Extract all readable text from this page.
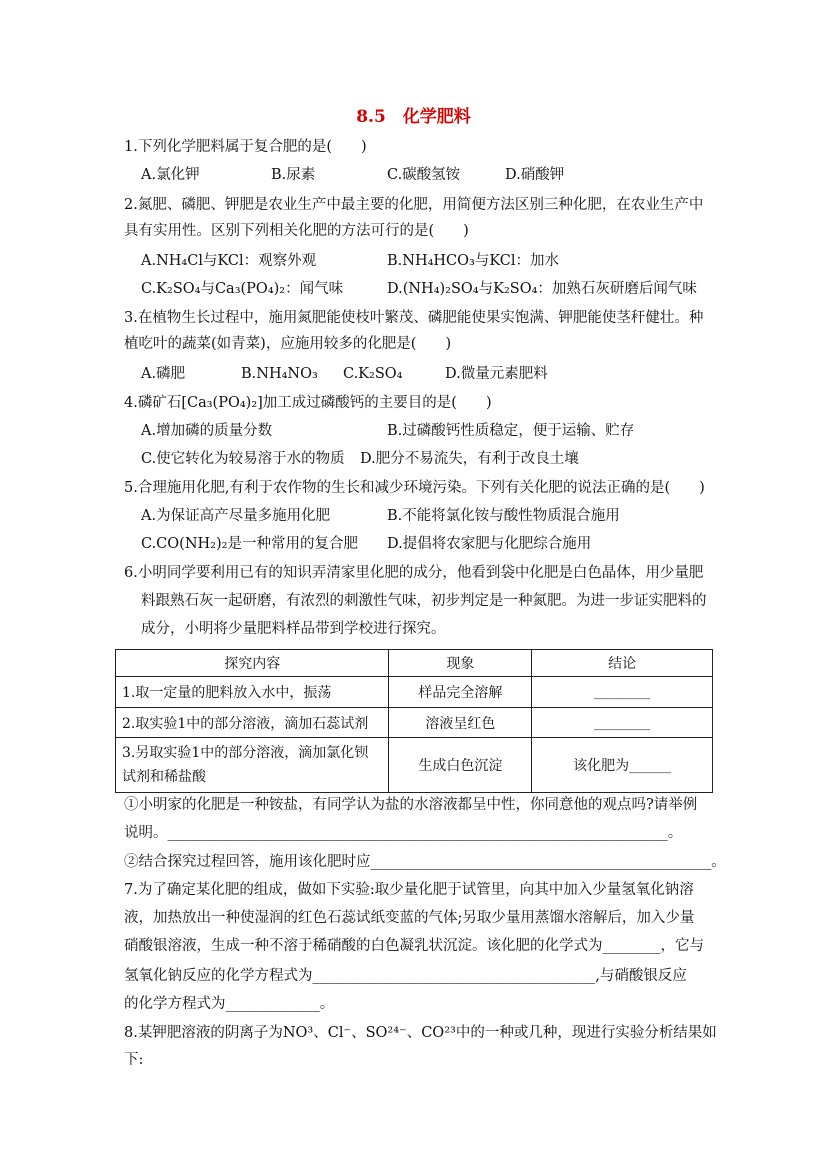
8.5　化学肥料
1.下列化学肥料属于复合肥的是(　　)
A.氯化钾	B.尿素	C.碳酸氢铵	D.硝酸钾
2.氮肥、磷肥、钾肥是农业生产中最主要的化肥，用简便方法区别三种化肥，在农业生产中
具有实用性。区别下列相关化肥的方法可行的是(　　)
A.NH₄Cl与KCl：观察外观	B.NH₄HCO₃与KCl：加水
C.K₂SO₄与Ca₃(PO₄)₂：闻气味	D.(NH₄)₂SO₄与K₂SO₄：加熟石灰研磨后闻气味
3.在植物生长过程中，施用氮肥能使枝叶繁茂、磷肥能使果实饱满、钾肥能使茎秆健壮。种
植吃叶的蔬菜(如青菜)，应施用较多的化肥是(　　)
A.磷肥	B.NH₄NO₃ C.K₂SO₄	D.微量元素肥料
4.磷矿石[Ca₃(PO₄)₂]加工成过磷酸钙的主要目的是(　　)
A.增加磷的质量分数	B.过磷酸钙性质稳定，便于运输、贮存
C.使它转化为较易溶于水的物质 D.肥分不易流失，有利于改良土壤
5.合理施用化肥,有利于农作物的生长和减少环境污染。下列有关化肥的说法正确的是(　　)
A.为保证高产尽量多施用化肥	B.不能将氯化铵与酸性物质混合施用
C.CO(NH₂)₂是一种常用的复合肥 D.提倡将农家肥与化肥综合施用
6.小明同学要利用已有的知识弄清家里化肥的成分，他看到袋中化肥是白色晶体，用少量肥
料跟熟石灰一起研磨，有浓烈的刺激性气味，初步判定是一种氮肥。为进一步证实肥料的
成分，小明将少量肥料样品带到学校进行探究。
探究内容	现象	结论
1.取一定量的肥料放入水中，振荡	样品完全溶解	________
2.取实验1中的部分溶液，滴加石蕊试剂	溶液呈红色	________

3.另取实验1中的部分溶液，滴加氯化钡
试剂和稀盐酸	生成白色沉淀	该化肥为______
①小明家的化肥是一种铵盐，有同学认为盐的水溶液都呈中性，你同意他的观点吗?请举例
说明。_____________________________________________________________________。
②结合探究过程回答，施用该化肥时应_______________________________________________。
7.为了确定某化肥的组成，做如下实验:取少量化肥于试管里，向其中加入少量氢氧化钠溶
液，加热放出一种使湿润的红色石蕊试纸变蓝的气体;另取少量用蒸馏水溶解后，加入少量
硝酸银溶液，生成一种不溶于稀硝酸的白色凝乳状沉淀。该化肥的化学式为________，它与
氢氧化钠反应的化学方程式为_______________________________________,与硝酸银反应
的化学方程式为_____________。
8.某钾肥溶液的阴离子为NO³、Cl⁻、SO²⁴⁻、CO²³中的一种或几种，现进行实验分析结果如
下:
